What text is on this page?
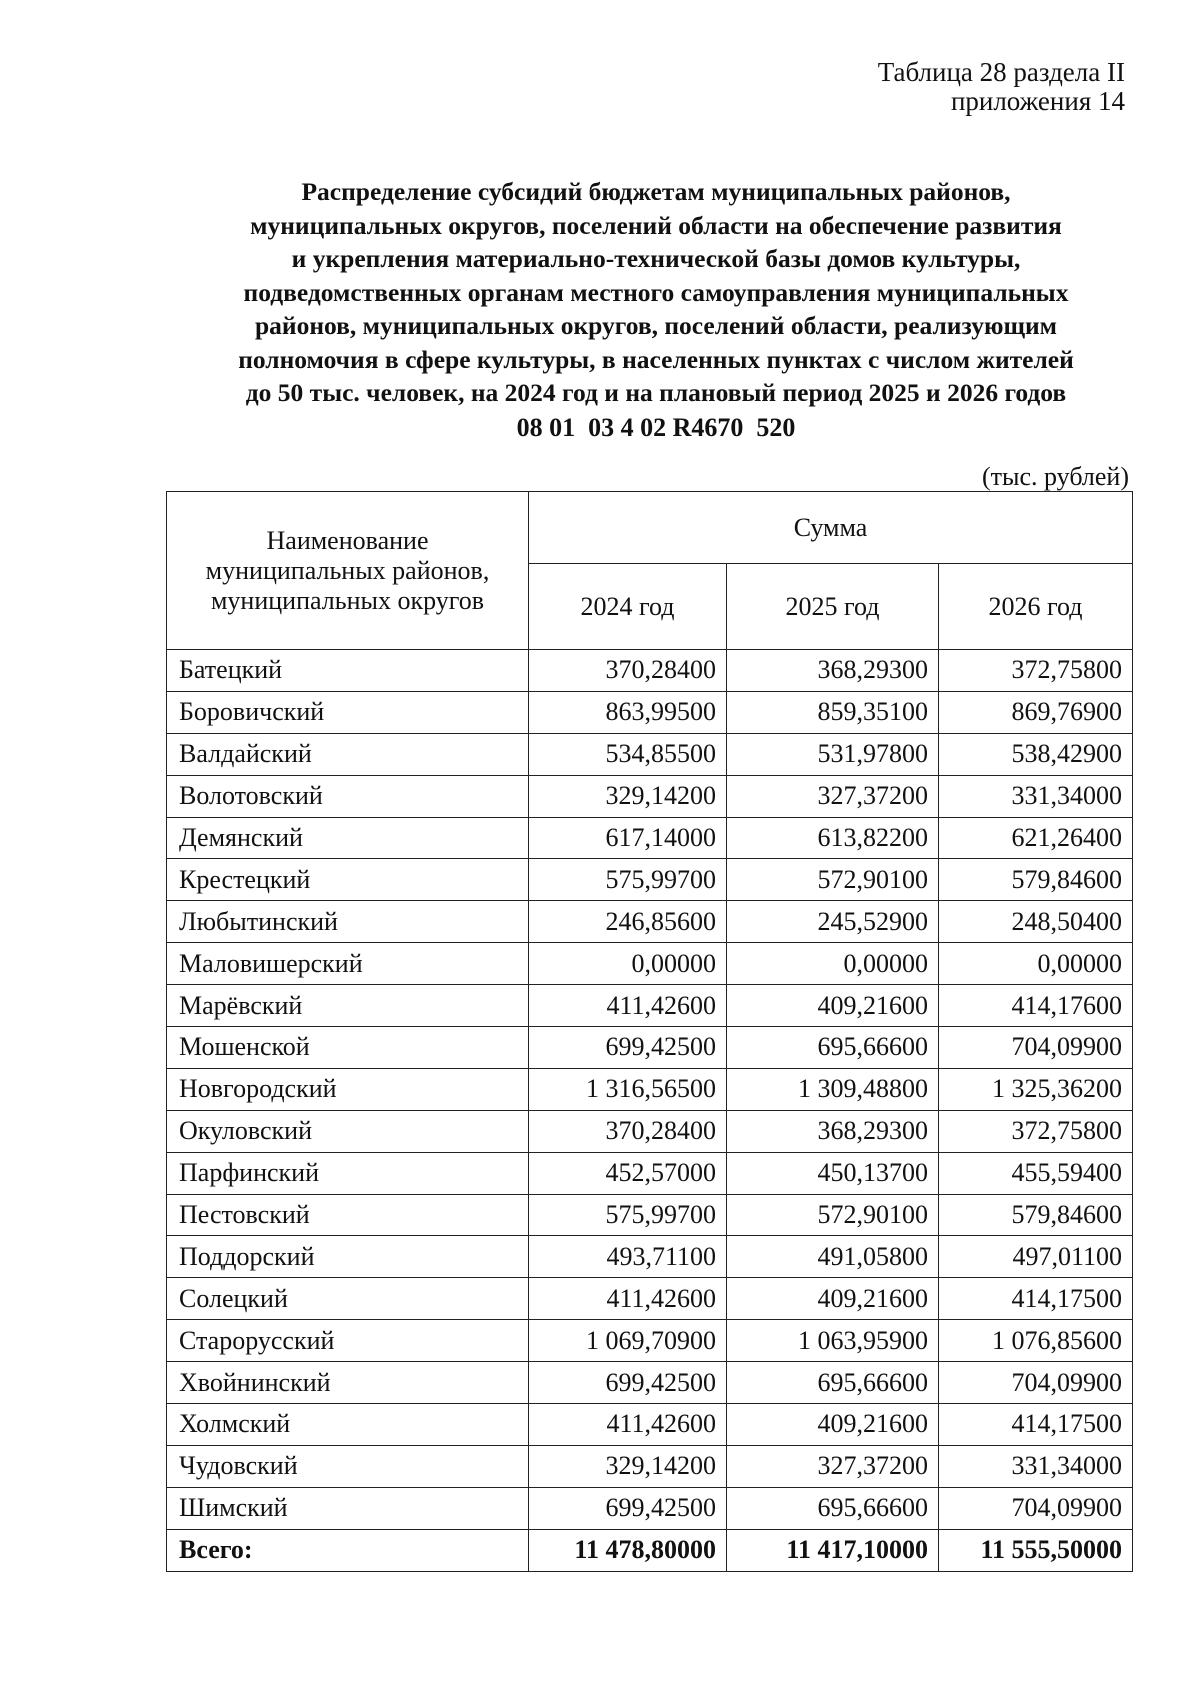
Таблица 28 раздела II
приложения 14
Распределение субсидий бюджетам муниципальных районов,
муниципальных округов, поселений области на обеспечение развития
и укрепления материально-технической базы домов культуры,
подведомственных органам местного самоуправления муниципальных
районов, муниципальных округов, поселений области, реализующим
полномочия в сфере культуры, в населенных пунктах с числом жителей
до 50 тыс. человек, на 2024 год и на плановый период 2025 и 2026 годов
08 01  03 4 02 R4670  520
(тыс. рублей)
Наименование муниципальных районов, муниципальных округов	Сумма		
	2024 год	2025 год	2026 год
Батецкий	370,28400	368,29300	372,75800
Боровичский	863,99500	859,35100	869,76900
Валдайский	534,85500	531,97800	538,42900
Волотовский	329,14200	327,37200	331,34000
Демянский	617,14000	613,82200	621,26400
Крестецкий	575,99700	572,90100	579,84600
Любытинский	246,85600	245,52900	248,50400
Маловишерский	0,00000	0,00000	0,00000
Марёвский	411,42600	409,21600	414,17600
Мошенской	699,42500	695,66600	704,09900
Новгородский	1 316,56500	1 309,48800	1 325,36200
Окуловский	370,28400	368,29300	372,75800
Парфинский	452,57000	450,13700	455,59400
Пестовский	575,99700	572,90100	579,84600
Поддорский	493,71100	491,05800	497,01100
Солецкий	411,42600	409,21600	414,17500
Старорусский	1 069,70900	1 063,95900	1 076,85600
Хвойнинский	699,42500	695,66600	704,09900
Холмский	411,42600	409,21600	414,17500
Чудовский	329,14200	327,37200	331,34000
Шимский	699,42500	695,66600	704,09900
Всего:	11 478,80000	11 417,10000	11 555,50000
